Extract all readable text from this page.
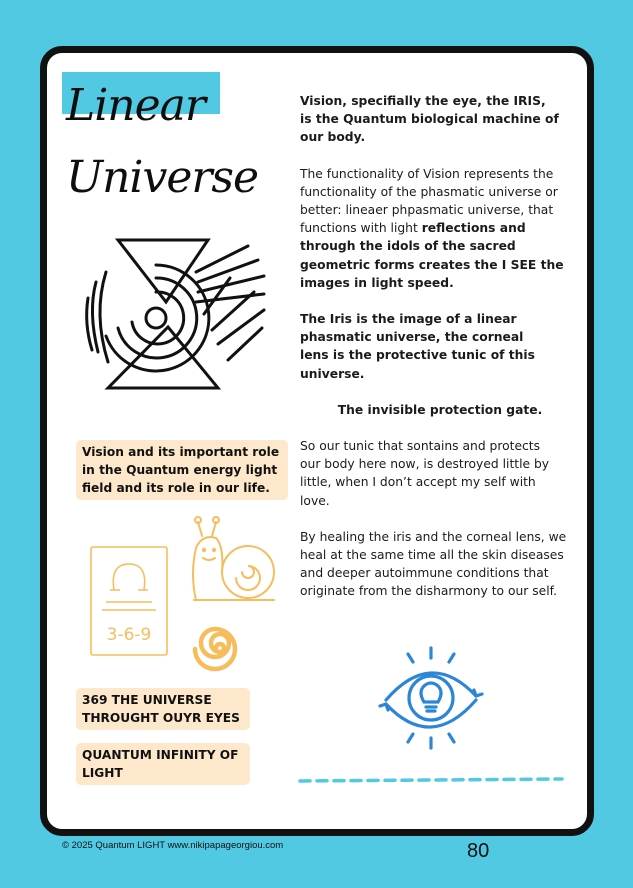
Linear
Universe
Vision and its important role in the Quantum energy light field and its role in our life.
3-6-9
369 THE UNIVERSE
THROUGHT OUYR EYES
QUANTUM INFINITY OF
LIGHT

Vision, specifially the eye, the IRIS, is the Quantum biological machine of our body.

The functionality of Vision represents the functionality of the phasmatic universe or better: lineaer phpasmatic universe, that functions with light reflections and through the idols of the sacred geometric forms creates the I SEE the images in light speed.

The Iris is the image of a linear phasmatic universe, the corneal lens is the protective tunic of this universe.

The invisible protection gate.

So our tunic that sontains and protects our body here now, is destroyed little by little, when I don’t accept my self with love.

By healing the iris and the corneal lens, we heal at the same time all the skin diseases and deeper autoimmune conditions that originate from the disharmony to our self.

© 2025 Quantum LIGHT www.nikipapageorgiou.com	80
